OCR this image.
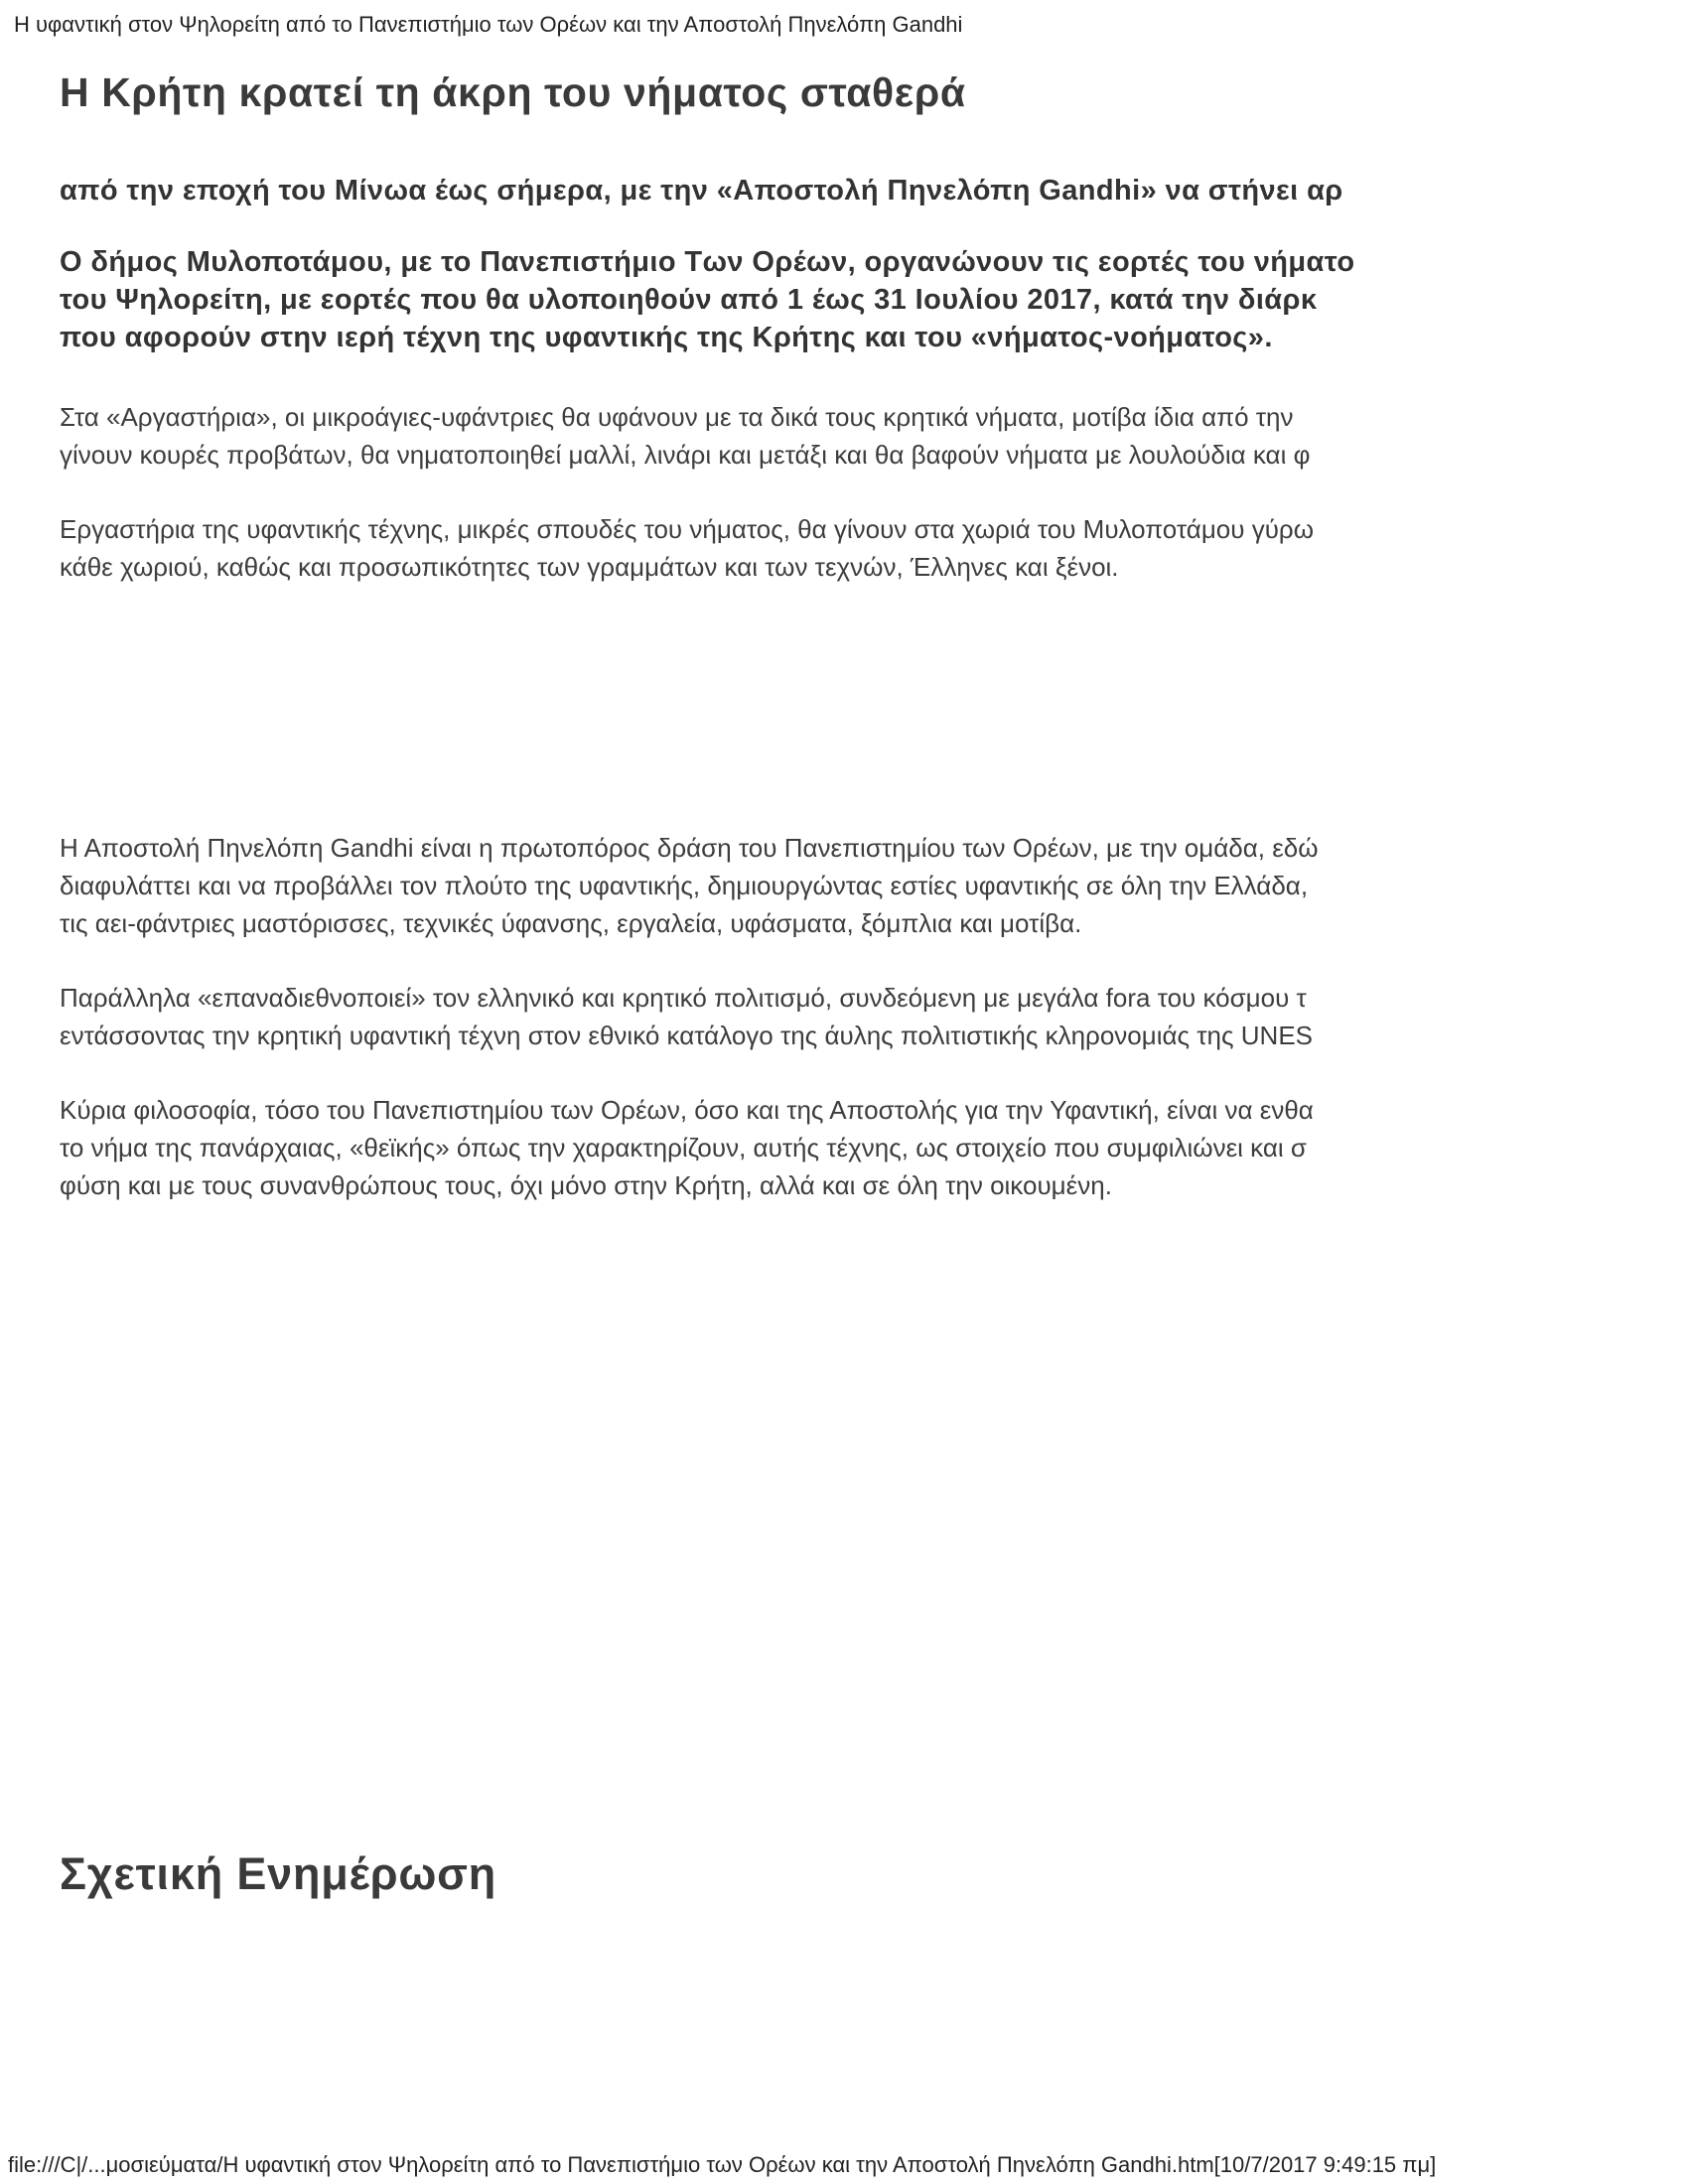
Η υφαντική στον Ψηλορείτη από το Πανεπιστήμιο των Ορέων και την Αποστολή Πηνελόπη Gandhi
Η Κρήτη κρατεί τη άκρη του νήματος σταθερά

από την εποχή του Μίνωα έως σήμερα, με την «Αποστολή Πηνελόπη Gandhi» να στήνει αρ

Ο δήμος Μυλοποτάμου, με το Πανεπιστήμιο Των Ορέων, οργανώνουν τις εορτές του νήματο
του Ψηλορείτη, με εορτές που θα υλοποιηθούν από 1 έως 31 Ιουλίου 2017, κατά την διάρκ
που αφορούν στην ιερή τέχνη της υφαντικής της Κρήτης και του «νήματος-νοήματος».

Στα «Αργαστήρια», οι μικροάγιες-υφάντριες θα υφάνουν με τα δικά τους κρητικά νήματα, μοτίβα ίδια από την
γίνουν κουρές προβάτων, θα νηματοποιηθεί μαλλί, λινάρι και μετάξι και θα βαφούν νήματα με λουλούδια και φ

Εργαστήρια της υφαντικής τέχνης, μικρές σπουδές του νήματος, θα γίνουν στα χωριά του Μυλοποτάμου γύρω
κάθε χωριού, καθώς και προσωπικότητες των γραμμάτων και των τεχνών, Έλληνες και ξένοι.

Η Αποστολή Πηνελόπη Gandhi είναι η πρωτοπόρος δράση του Πανεπιστημίου των Ορέων, με την ομάδα, εδώ
διαφυλάττει και να προβάλλει τον πλούτο της υφαντικής, δημιουργώντας εστίες υφαντικής σε όλη την Ελλάδα,
τις αει-φάντριες μαστόρισσες, τεχνικές ύφανσης, εργαλεία, υφάσματα, ξόμπλια και μοτίβα.

Παράλληλα «επαναδιεθνοποιεί» τον ελληνικό και κρητικό πολιτισμό, συνδεόμενη με μεγάλα fora του κόσμου τ
εντάσσοντας την κρητική υφαντική τέχνη στον εθνικό κατάλογο της άυλης πολιτιστικής κληρονομιάς της UNES

Κύρια φιλοσοφία, τόσο του Πανεπιστημίου των Ορέων, όσο και της Αποστολής για την Υφαντική, είναι να ενθα
το νήμα της πανάρχαιας, «θεϊκής» όπως την χαρακτηρίζουν, αυτής τέχνης, ως στοιχείο που συμφιλιώνει και σ
φύση και με τους συνανθρώπους τους, όχι μόνο στην Κρήτη, αλλά και σε όλη την οικουμένη.

Σχετική Ενημέρωση
file:///C|/...μοσιεύματα/Η υφαντική στον Ψηλορείτη από το Πανεπιστήμιο των Ορέων και την Αποστολή Πηνελόπη Gandhi.htm[10/7/2017 9:49:15 πμ]
